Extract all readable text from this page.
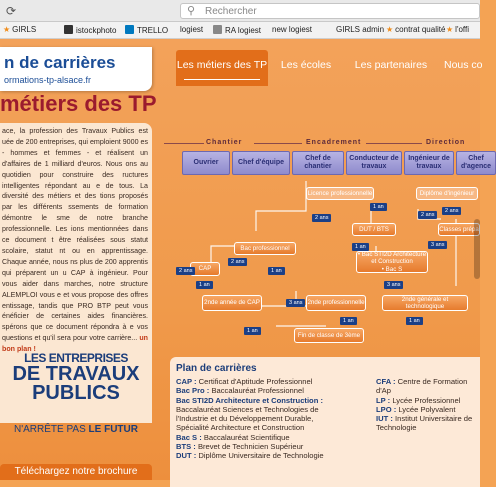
⟳	⚲ Rechercher
★ GIRLS	istockphoto	TRELLO logiest	RA logiest new logiest	GIRLS admin ★ contrat qualité ★ l'offi
n de carrières
ormations-tp-alsace.fr
Les métiers des TP	Les écoles	Les partenaires	Nous co
métiers des TP
ace, la profession des Travaux Publics est uée de 200 entreprises, qui emploient 9000 es - hommes et femmes - et réalisent un d'affaires de 1 milliard d'euros. Nous ons au quotidien pour construire des ructures intelligentes répondant au e de tous. La diversité des métiers et des tions proposés par les différents ssements de formation démontre le sme de notre branche professionnelle. Les ions mentionnées dans ce document t être réalisées sous statut scolaire, statut nt ou en apprentissage. Chaque année, nous ns plus de 200 apprentis qui préparent un u CAP à ingénieur. Pour vous aider dans marches, notre structure ALEMPLOI vous e et vous propose des offres entissage, tandis que PRO BTP peut vous énéficier de certaines aides financières. spérons que ce document répondra à e vos questions et qu'il sera pour votre carrière... un bon plan !
LES ENTREPRISES
DE TRAVAUX
PUBLICS
N'ARRÊTE PAS LE FUTUR
Téléchargez notre brochure
Chantier	Encadrement	Direction
Ouvrier	Chef d'équipe
Chef de chantier
Conducteur de travaux
Ingénieur de travaux
Chef d'agence
Licence professionnelle	Diplôme d'ingénieur
DUT / BTS	Classes prépa
Bac professionnel
• Bac STI2D Architecture et Construction
• Bac S
CAP
2nde année de CAP	2nde professionnelle
2nde générale et technologique
Fin de classe de 3ème
1 an
2 ans	2 ans
2 ans
3 ans
2 ans
1 an
1 an
3 ans
1 an
2 ans
3 ans
1 an
1 an	1 an
Plan de carrières
CAP : Certificat d'Aptitude Professionnel
Bac Pro : Baccalauréat Professionnel
Bac STI2D Architecture et Construction : Baccalauréat Sciences et Technologies de l'Industrie et du Développement Durable, Spécialité Architecture et Construction
Bac S : Baccalauréat Scientifique
BTS : Brevet de Technicien Supérieur
DUT : Diplôme Universitaire de Technologie
CFA : Centre de Formation d'Ap
LP : Lycée Professionnel
LPO : Lycée Polyvalent
IUT : Institut Universitaire de Technologie
